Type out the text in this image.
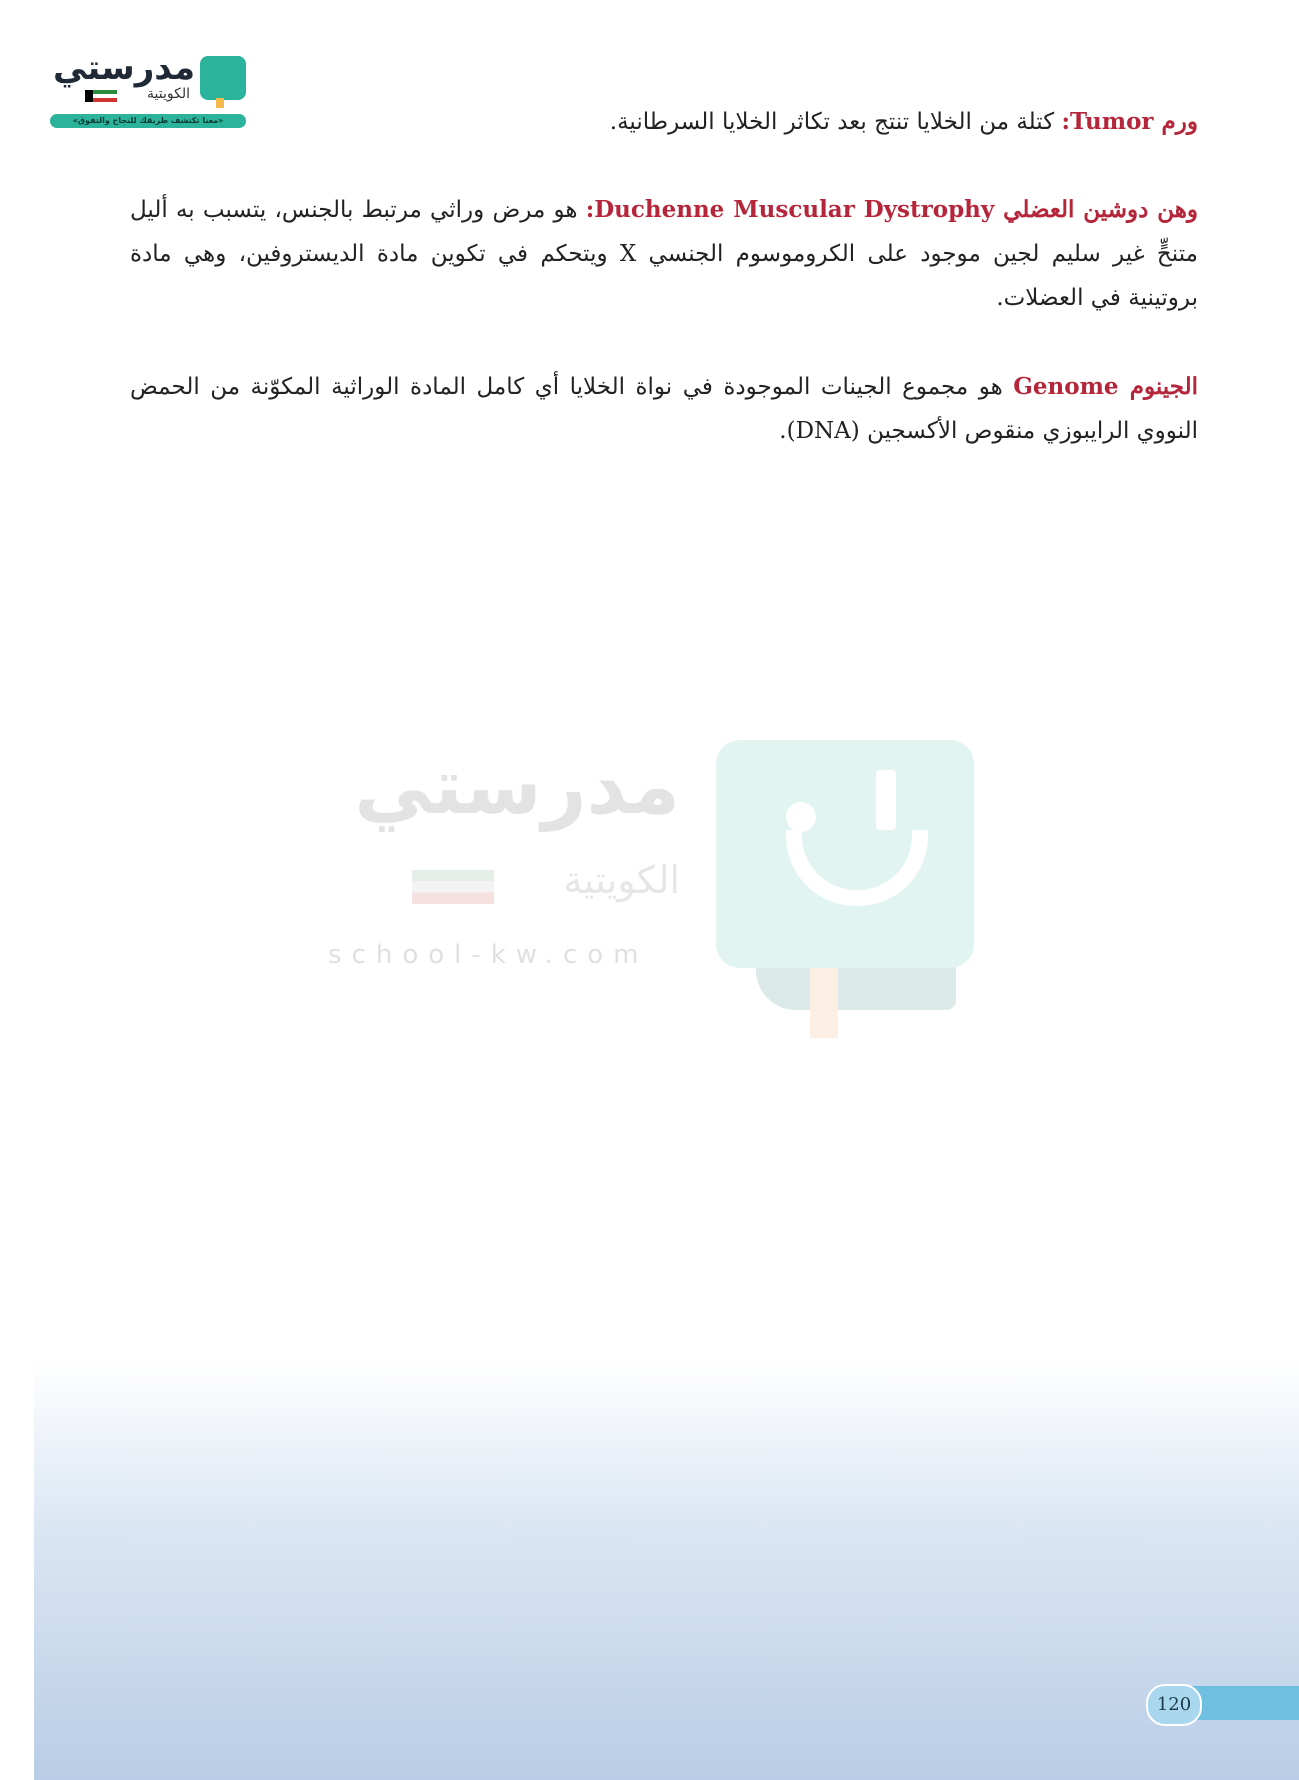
مدرستي
الكويتية
«معنا تكتشف طريقك للنجاح والتفوق»	ورم Tumor: كتلة من الخلايا تنتج بعد تكاثر الخلايا السرطانية.
وهن دوشين العضلي Duchenne Muscular Dystrophy: هو مرض وراثي مرتبط بالجنس، يتسبب به أليل متنحٍّ غير سليم لجين موجود على الكروموسوم الجنسي X ويتحكم في تكوين مادة الديستروفين، وهي مادة بروتينية في العضلات.
الجينوم Genome هو مجموع الجينات الموجودة في نواة الخلايا أي كامل المادة الوراثية المكوّنة من الحمض النووي الرايبوزي منقوص الأكسجين (DNA).
مدرستي
الكويتية
school-kw.com
120
